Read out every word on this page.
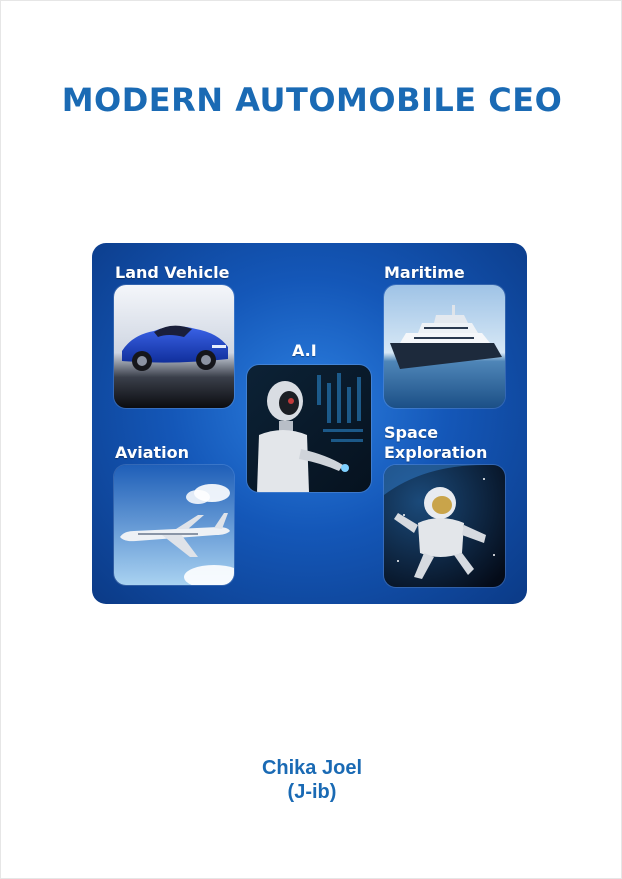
MODERN AUTOMOBILE CEO
Land Vehicle	Maritime
A.I
Aviation
Space
Exploration
Chika Joel
(J-ib)
